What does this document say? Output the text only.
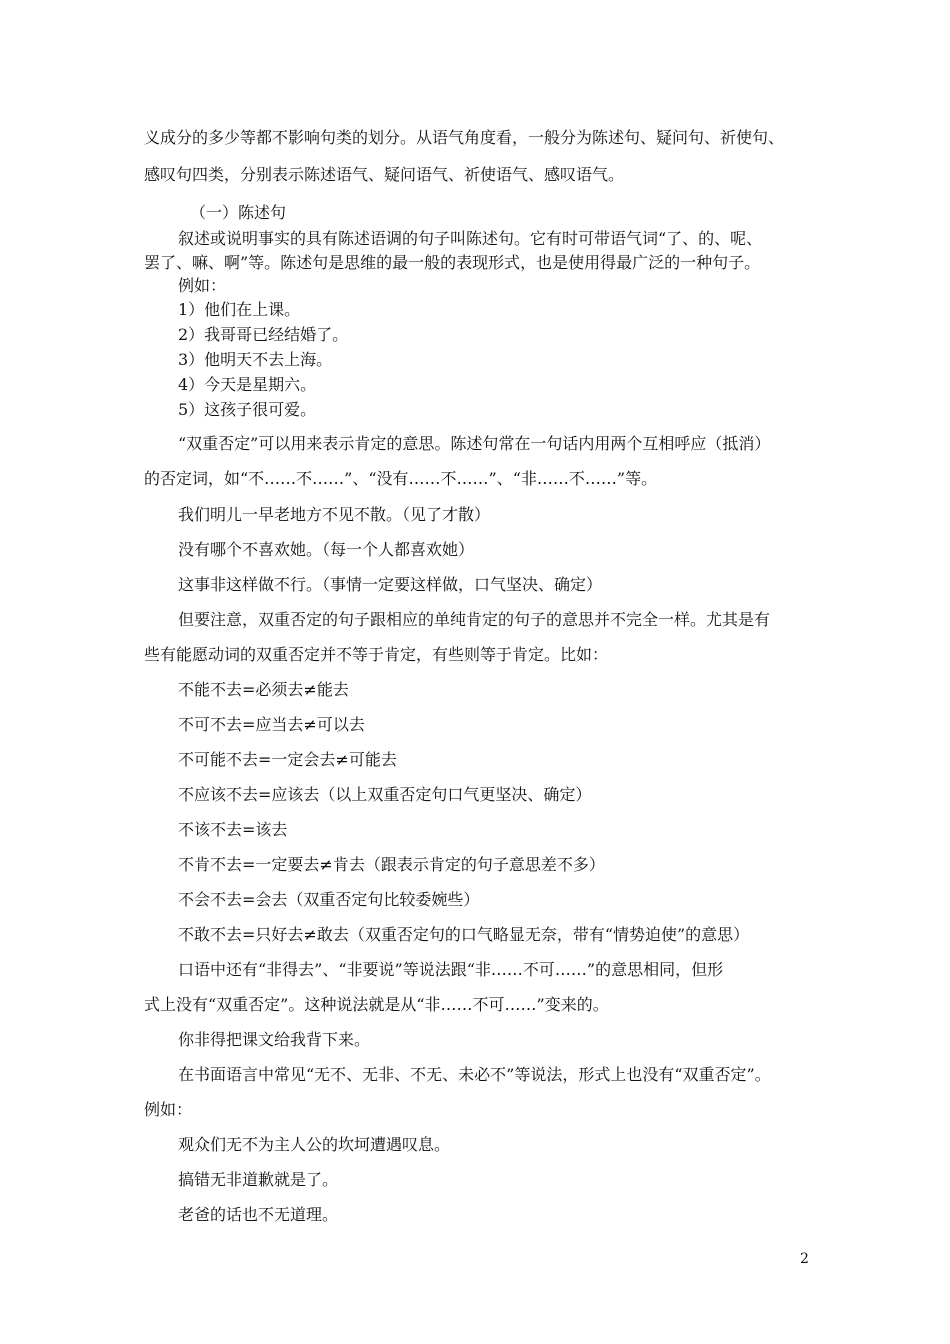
义成分的多少等都不影响句类的划分。从语气角度看，一般分为陈述句、疑问句、祈使句、
感叹句四类，分别表示陈述语气、疑问语气、祈使语气、感叹语气。
（一）陈述句
叙述或说明事实的具有陈述语调的句子叫陈述句。它有时可带语气词“了、的、呢、
罢了、嘛、啊”等。陈述句是思维的最一般的表现形式，也是使用得最广泛的一种句子。
例如：
1）他们在上课。
2）我哥哥已经结婚了。
3）他明天不去上海。
4）今天是星期六。
5）这孩子很可爱。
“双重否定”可以用来表示肯定的意思。陈述句常在一句话内用两个互相呼应（抵消）
的否定词，如“不……不……”、“没有……不……”、“非……不……”等。
我们明儿一早老地方不见不散。（见了才散）
没有哪个不喜欢她。（每一个人都喜欢她）
这事非这样做不行。（事情一定要这样做，口气坚决、确定）
但要注意，双重否定的句子跟相应的单纯肯定的句子的意思并不完全一样。尤其是有
些有能愿动词的双重否定并不等于肯定，有些则等于肯定。比如：
不能不去=必须去≠能去
不可不去=应当去≠可以去
不可能不去=一定会去≠可能去
不应该不去=应该去（以上双重否定句口气更坚决、确定）
不该不去=该去
不肯不去=一定要去≠肯去（跟表示肯定的句子意思差不多）
不会不去=会去（双重否定句比较委婉些）
不敢不去=只好去≠敢去（双重否定句的口气略显无奈，带有“情势迫使”的意思）
口语中还有“非得去”、“非要说”等说法跟“非……不可……”的意思相同，但形
式上没有“双重否定”。这种说法就是从“非……不可……”变来的。
你非得把课文给我背下来。
在书面语言中常见“无不、无非、不无、未必不”等说法，形式上也没有“双重否定”。
例如：
观众们无不为主人公的坎坷遭遇叹息。
搞错无非道歉就是了。
老爸的话也不无道理。
2
